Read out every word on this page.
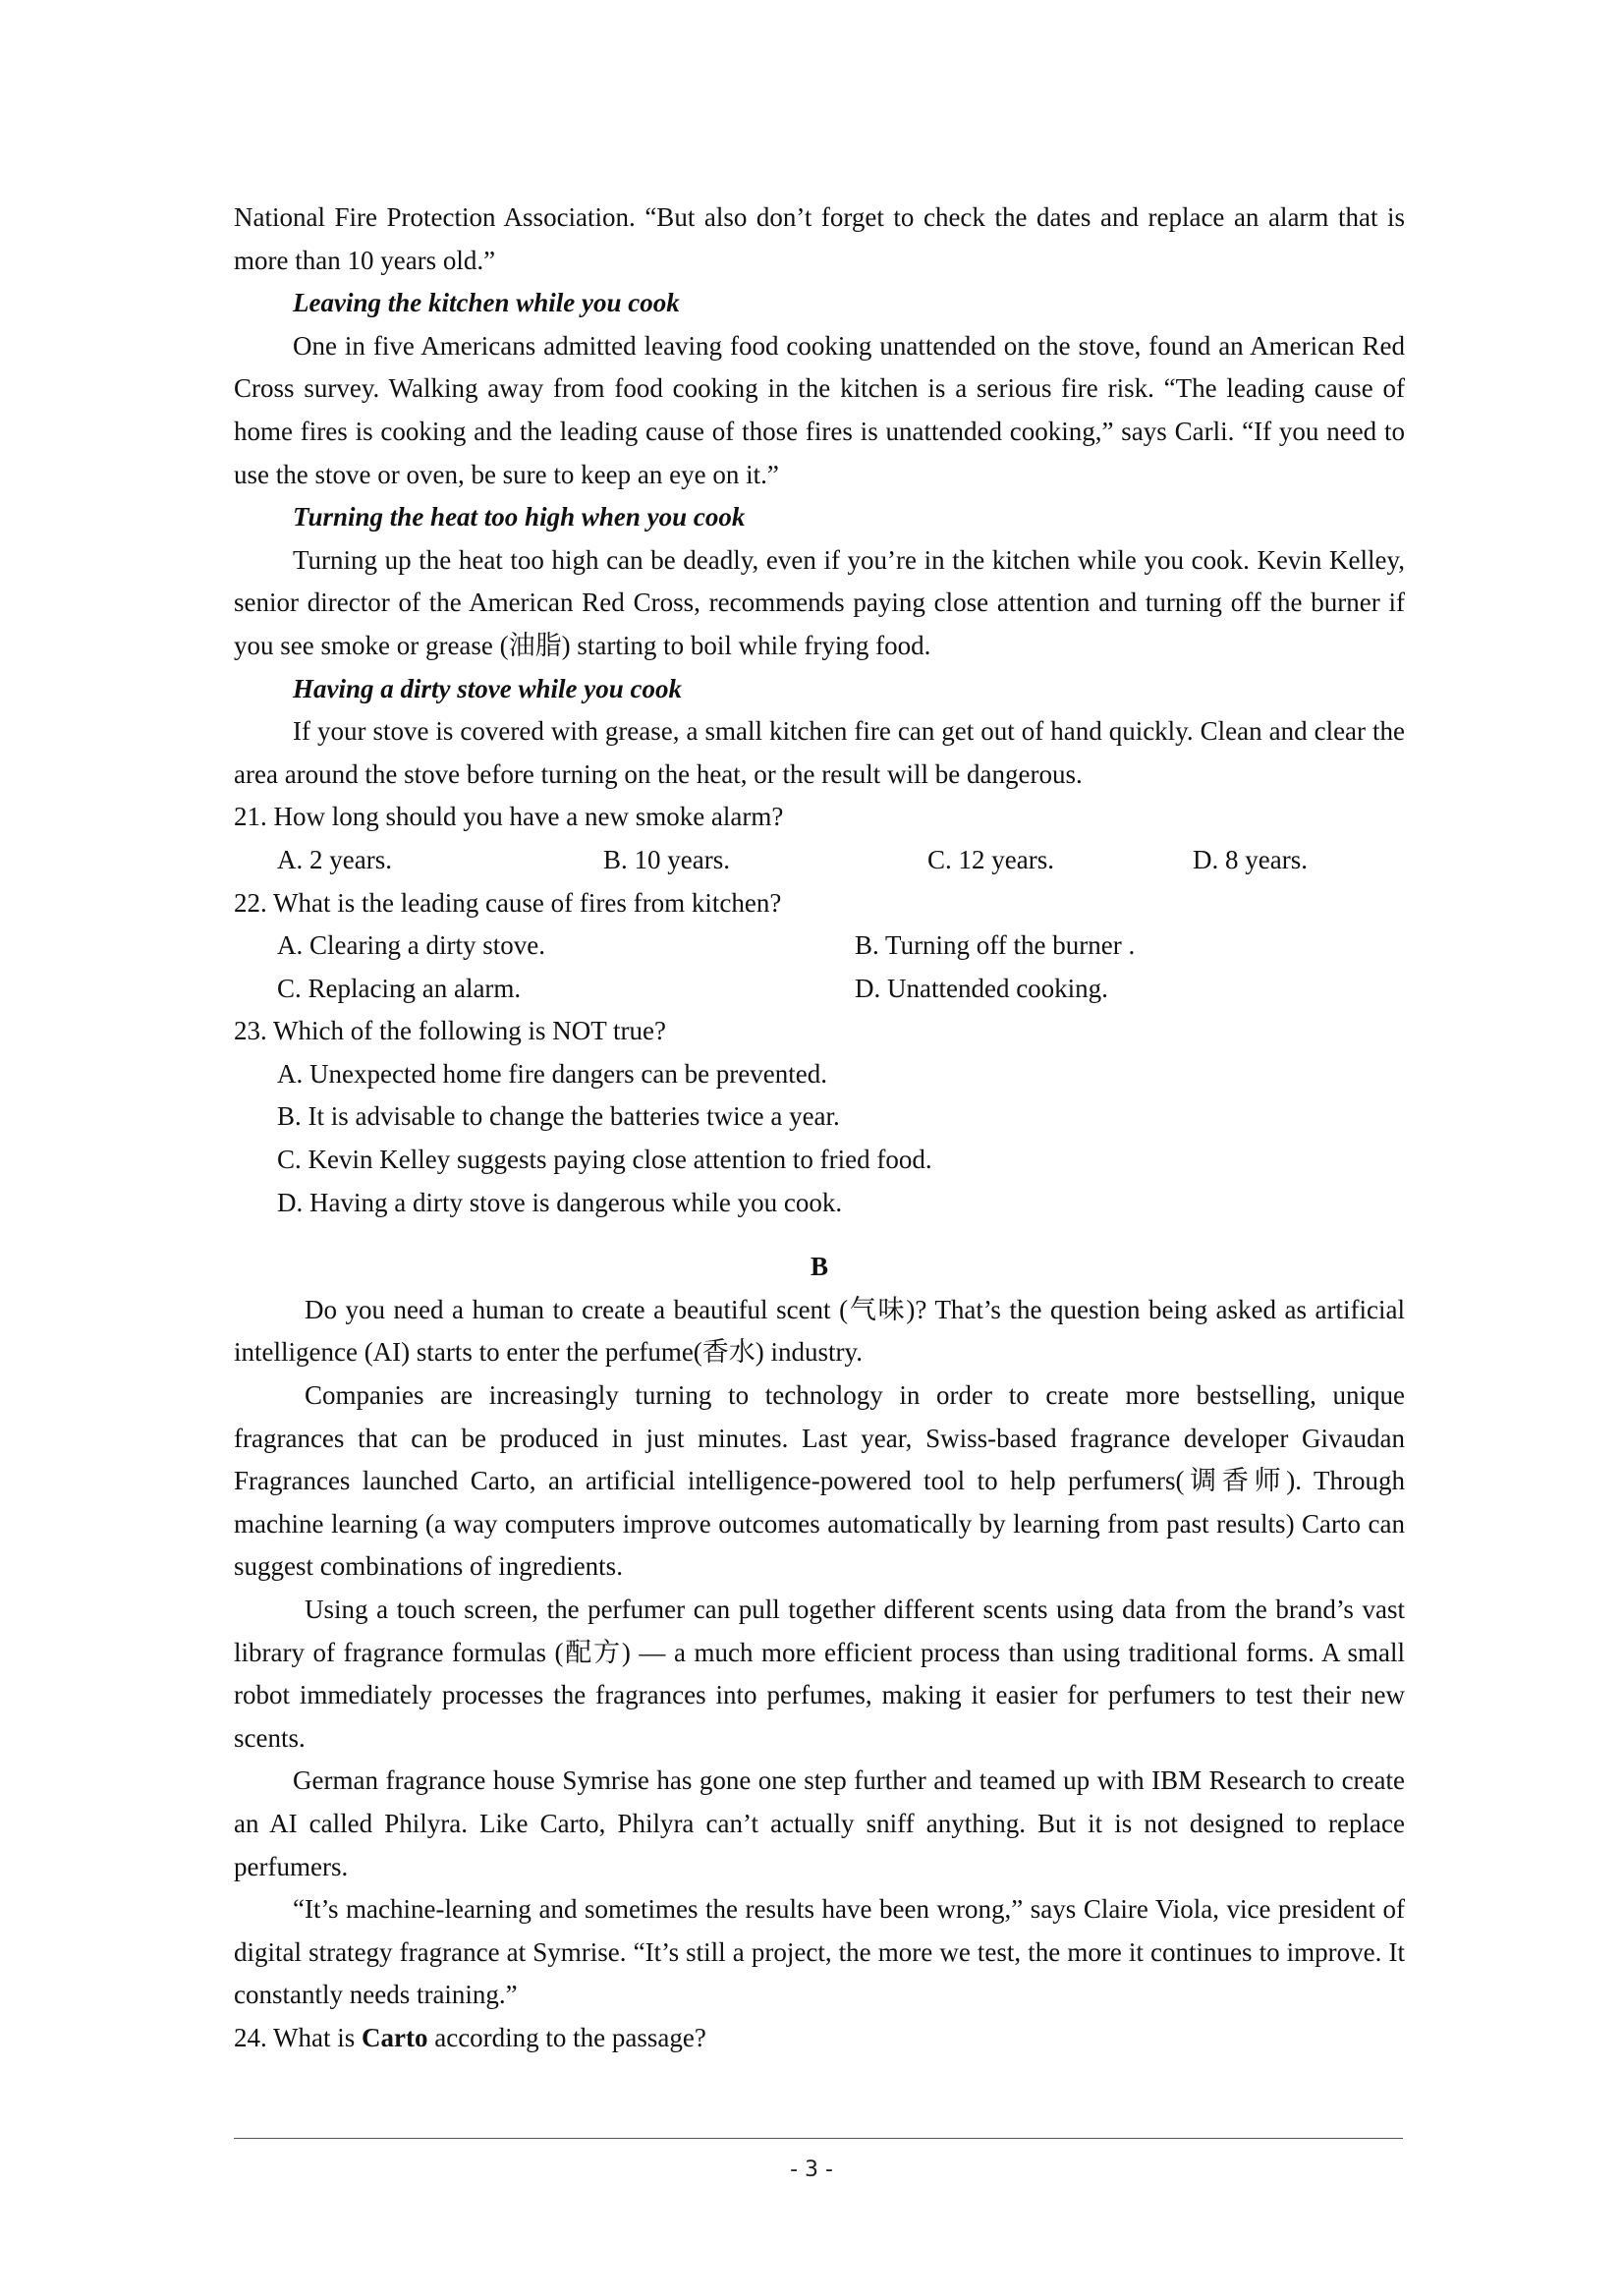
National Fire Protection Association. “But also don’t forget to check the dates and replace an alarm that is more than 10 years old.”

Leaving the kitchen while you cook

One in five Americans admitted leaving food cooking unattended on the stove, found an American Red Cross survey. Walking away from food cooking in the kitchen is a serious fire risk. “The leading cause of home fires is cooking and the leading cause of those fires is unattended cooking,” says Carli. “If you need to use the stove or oven, be sure to keep an eye on it.”

Turning the heat too high when you cook

Turning up the heat too high can be deadly, even if you’re in the kitchen while you cook. Kevin Kelley, senior director of the American Red Cross, recommends paying close attention and turning off the burner if you see smoke or grease (油脂) starting to boil while frying food.

Having a dirty stove while you cook

If your stove is covered with grease, a small kitchen fire can get out of hand quickly. Clean and clear the area around the stove before turning on the heat, or the result will be dangerous.

21. How long should you have a new smoke alarm?

A. 2 years.	B. 10 years.	C. 12 years.	D. 8 years.

22. What is the leading cause of fires from kitchen?

A. Clearing a dirty stove.	B. Turning off the burner .
C. Replacing an alarm.	D. Unattended cooking.

23. Which of the following is NOT true?

A. Unexpected home fire dangers can be prevented.
B. It is advisable to change the batteries twice a year.
C. Kevin Kelley suggests paying close attention to fried food.
D. Having a dirty stove is dangerous while you cook.

B

Do you need a human to create a beautiful scent (气味)? That’s the question being asked as artificial intelligence (AI) starts to enter the perfume(香水) industry.

Companies are increasingly turning to technology in order to create more bestselling, unique fragrances that can be produced in just minutes. Last year, Swiss-based fragrance developer Givaudan Fragrances launched Carto, an artificial intelligence-powered tool to help perfumers(调香师). Through machine learning (a way computers improve outcomes automatically by learning from past results) Carto can suggest combinations of ingredients.

Using a touch screen, the perfumer can pull together different scents using data from the brand’s vast library of fragrance formulas (配方) — a much more efficient process than using traditional forms. A small robot immediately processes the fragrances into perfumes, making it easier for perfumers to test their new scents.

German fragrance house Symrise has gone one step further and teamed up with IBM Research to create an AI called Philyra. Like Carto, Philyra can’t actually sniff anything. But it is not designed to replace perfumers.

“It’s machine-learning and sometimes the results have been wrong,” says Claire Viola, vice president of digital strategy fragrance at Symrise. “It’s still a project, the more we test, the more it continues to improve. It constantly needs training.”

24. What is Carto according to the passage?

- 3 -
